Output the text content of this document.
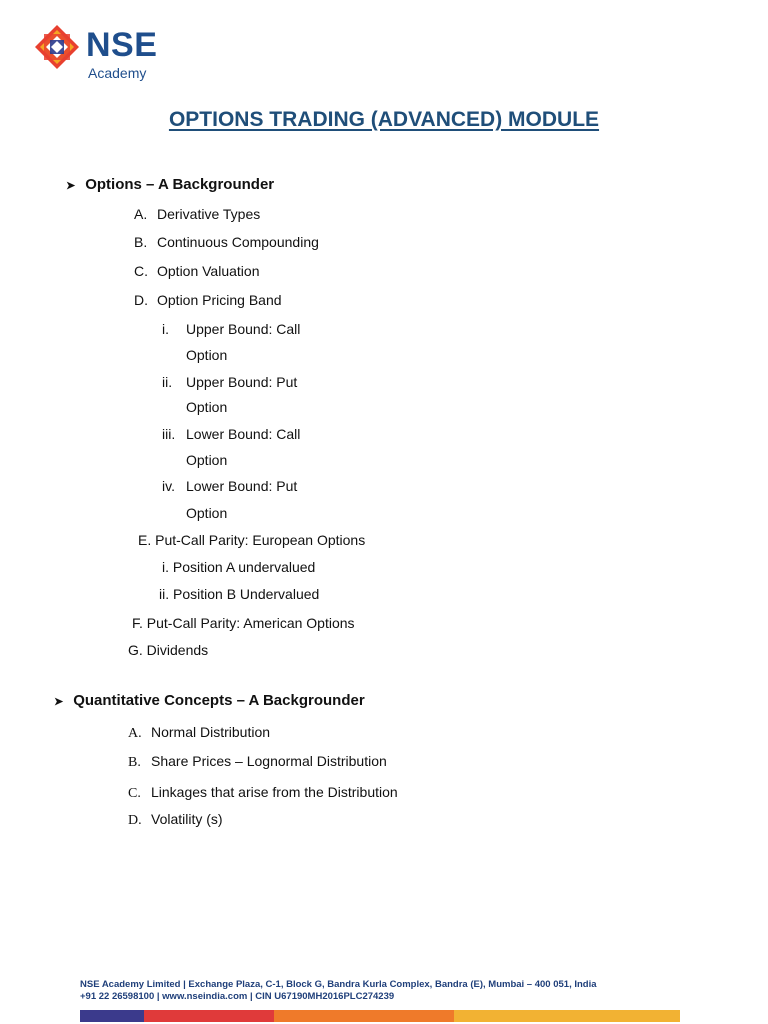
NSE
Academy
OPTIONS TRADING (ADVANCED) MODULE
➤ Options – A Backgrounder
A. Derivative Types
B. Continuous Compounding
C. Option Valuation
D. Option Pricing Band
i. Upper Bound: Call
Option
ii. Upper Bound: Put
Option
iii. Lower Bound: Call
Option
iv. Lower Bound: Put
Option
E. Put-Call Parity: European Options
i. Position A undervalued
ii. Position B Undervalued
F. Put-Call Parity: American Options
G. Dividends
➤ Quantitative Concepts – A Backgrounder
A. Normal Distribution
B. Share Prices – Lognormal Distribution
C. Linkages that arise from the Distribution
D. Volatility (s)
NSE Academy Limited | Exchange Plaza, C-1, Block G, Bandra Kurla Complex, Bandra (E), Mumbai – 400 051, India
+91 22 26598100 | www.nseindia.com | CIN U67190MH2016PLC274239
